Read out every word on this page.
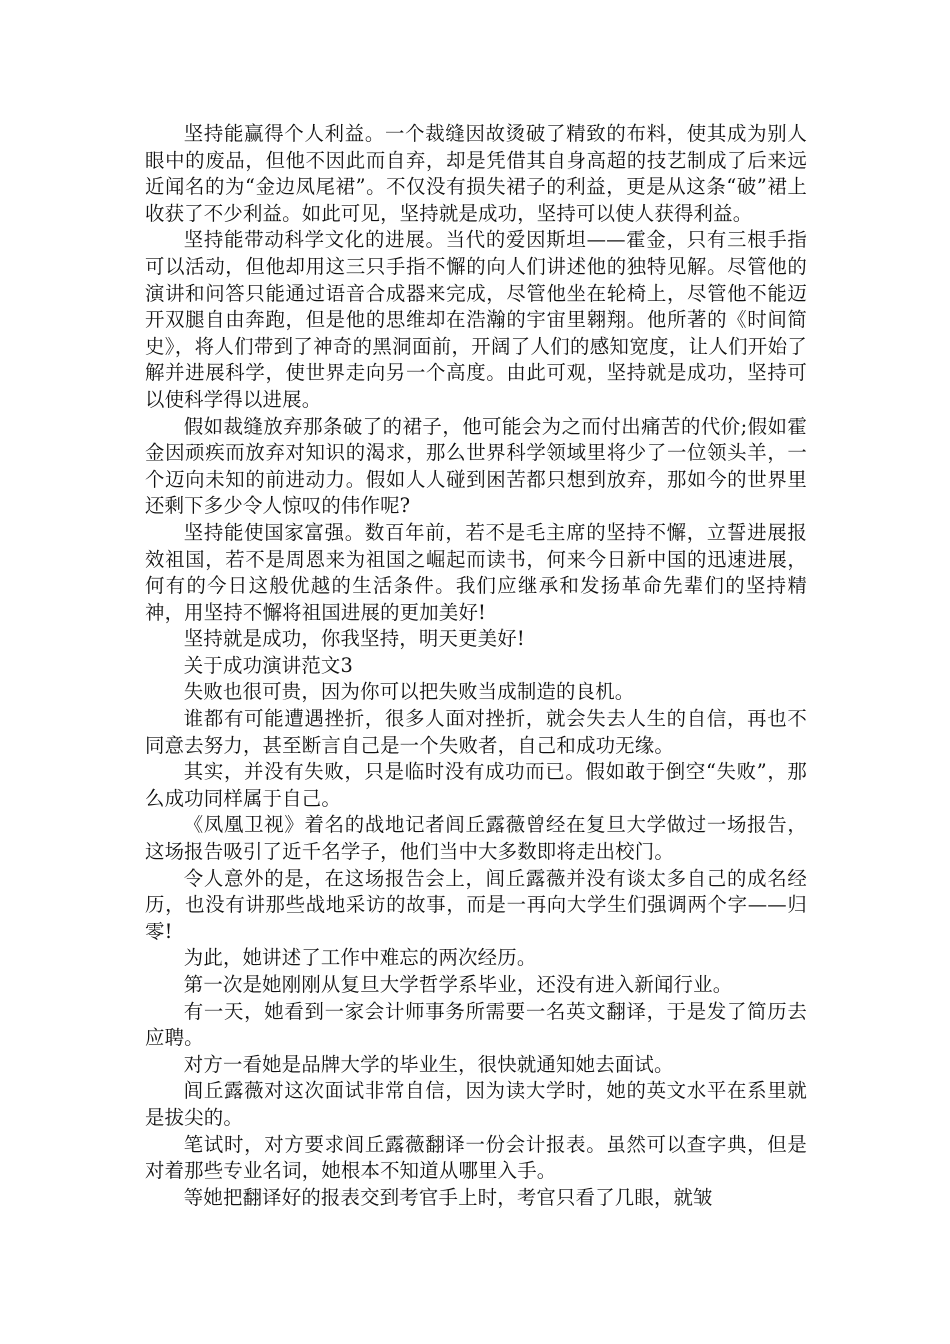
坚持能赢得个人利益。一个裁缝因故烫破了精致的布料，使其成为别人眼中的废品，但他不因此而自弃，却是凭借其自身高超的技艺制成了后来远近闻名的为“金边凤尾裙”。不仅没有损失裙子的利益，更是从这条“破”裙上收获了不少利益。如此可见，坚持就是成功，坚持可以使人获得利益。

坚持能带动科学文化的进展。当代的爱因斯坦——霍金，只有三根手指可以活动，但他却用这三只手指不懈的向人们讲述他的独特见解。尽管他的演讲和问答只能通过语音合成器来完成，尽管他坐在轮椅上，尽管他不能迈开双腿自由奔跑，但是他的思维却在浩瀚的宇宙里翱翔。他所著的《时间简史》，将人们带到了神奇的黑洞面前，开阔了人们的感知宽度，让人们开始了解并进展科学，使世界走向另一个高度。由此可观，坚持就是成功，坚持可以使科学得以进展。

假如裁缝放弃那条破了的裙子，他可能会为之而付出痛苦的代价;假如霍金因顽疾而放弃对知识的渴求，那么世界科学领域里将少了一位领头羊，一个迈向未知的前进动力。假如人人碰到困苦都只想到放弃，那如今的世界里还剩下多少令人惊叹的伟作呢?

坚持能使国家富强。数百年前，若不是毛主席的坚持不懈，立誓进展报效祖国，若不是周恩来为祖国之崛起而读书，何来今日新中国的迅速进展，何有的今日这般优越的生活条件。我们应继承和发扬革命先辈们的坚持精神，用坚持不懈将祖国进展的更加美好!

坚持就是成功，你我坚持，明天更美好!

关于成功演讲范文3

失败也很可贵，因为你可以把失败当成制造的良机。

谁都有可能遭遇挫折，很多人面对挫折，就会失去人生的自信，再也不同意去努力，甚至断言自己是一个失败者，自己和成功无缘。

其实，并没有失败，只是临时没有成功而已。假如敢于倒空“失败”，那么成功同样属于自己。

《凤凰卫视》着名的战地记者闾丘露薇曾经在复旦大学做过一场报告，这场报告吸引了近千名学子，他们当中大多数即将走出校门。

令人意外的是，在这场报告会上，闾丘露薇并没有谈太多自己的成名经历，也没有讲那些战地采访的故事，而是一再向大学生们强调两个字——归零!

为此，她讲述了工作中难忘的两次经历。

第一次是她刚刚从复旦大学哲学系毕业，还没有进入新闻行业。

有一天，她看到一家会计师事务所需要一名英文翻译，于是发了简历去应聘。

对方一看她是品牌大学的毕业生，很快就通知她去面试。

闾丘露薇对这次面试非常自信，因为读大学时，她的英文水平在系里就是拔尖的。

笔试时，对方要求闾丘露薇翻译一份会计报表。虽然可以查字典，但是对着那些专业名词，她根本不知道从哪里入手。

等她把翻译好的报表交到考官手上时，考官只看了几眼，就皱
